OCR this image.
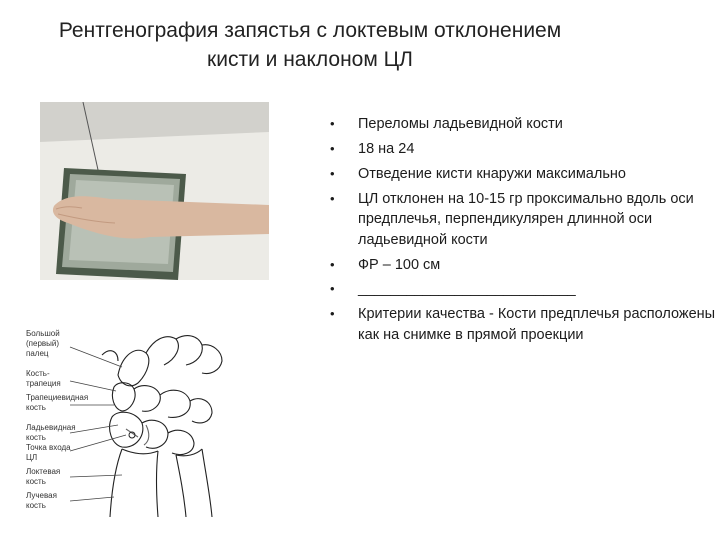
Рентгенография запястья с локтевым отклонением
кисти и наклоном ЦЛ
Большой (первый) палец
Кость-трапеция
Трапециевидная кость
Ладьевидная кость
Точка входа ЦЛ
Локтевая кость
Лучевая кость
• Переломы ладьевидной кости
• 18 на 24
• Отведение кисти кнаружи максимально
• ЦЛ отклонен на 10-15 гр проксимально вдоль оси предплечья, перпендикулярен длинной оси ладьевидной кости
• ФР – 100 см
• ___________________________
• Критерии качества - Кости предплечья расположены как на снимке в прямой проекции
